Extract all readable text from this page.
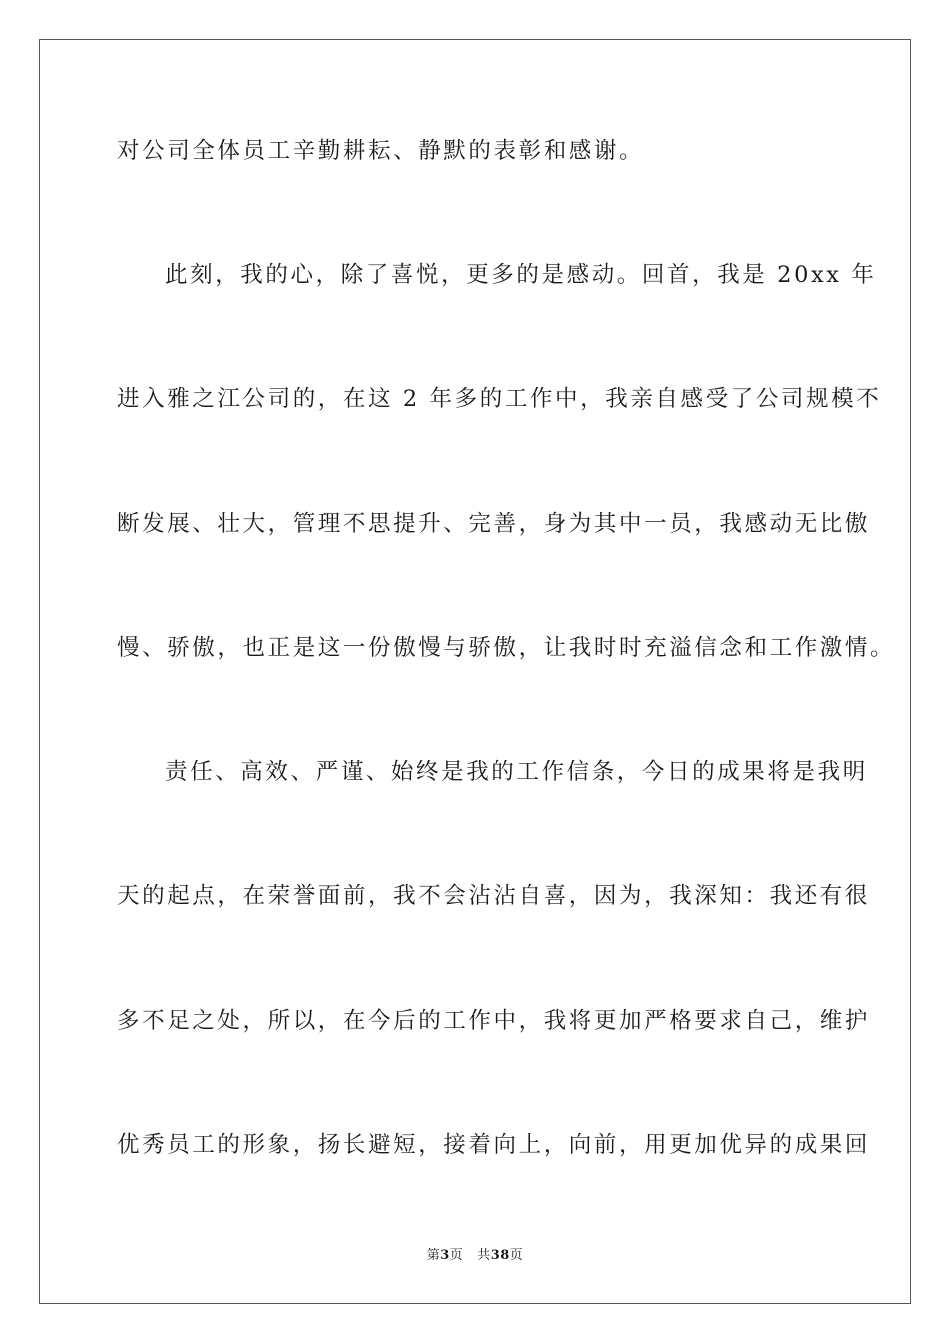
对公司全体员工辛勤耕耘、静默的表彰和感谢。

此刻，我的心，除了喜悦，更多的是感动。回首，我是 20xx 年

进入雅之江公司的，在这 2 年多的工作中，我亲自感受了公司规模不

断发展、壮大，管理不思提升、完善，身为其中一员，我感动无比傲

慢、骄傲，也正是这一份傲慢与骄傲，让我时时充溢信念和工作激情。

责任、高效、严谨、始终是我的工作信条，今日的成果将是我明

天的起点，在荣誉面前，我不会沾沾自喜，因为，我深知：我还有很

多不足之处，所以，在今后的工作中，我将更加严格要求自己，维护

优秀员工的形象，扬长避短，接着向上，向前，用更加优异的成果回

第3页 共38页
